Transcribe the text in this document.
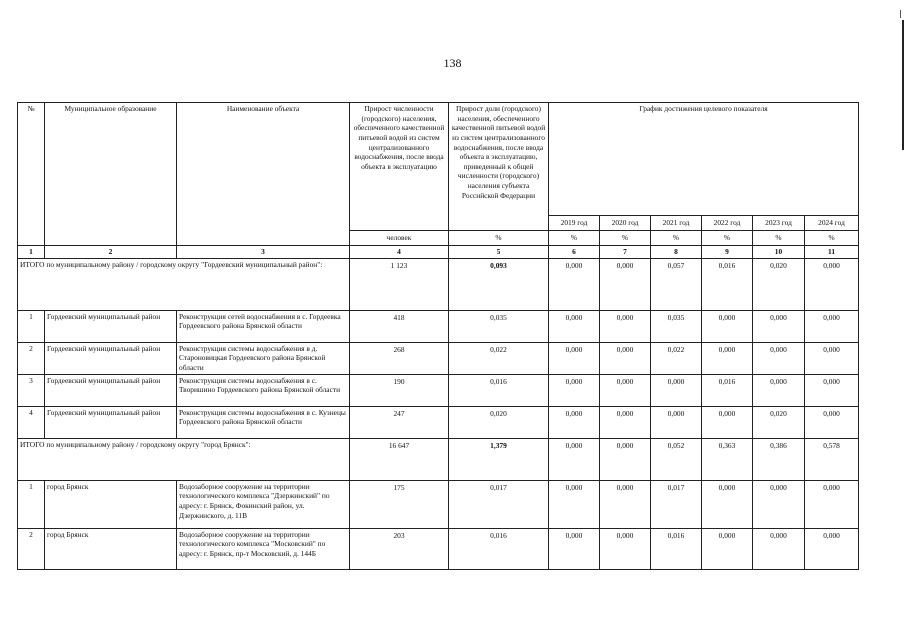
138
№	Муниципальное образование	Наименование объекта	Прирост численности (городского) населения, обеспеченного качественной питьевой водой из систем централизованного водоснабжения, после ввода объекта в эксплуатацию	Прирост доли (городского) населения, обеспеченного качественной питьевой водой из систем централизованного водоснабжения, после ввода объекта в эксплуатацию, приведенный к общей численности (городского) населения субъекта Российской Федерации	График достижения целевого показателя					
					2019 год	2020 год	2021 год	2022 год	2023 год	2024 год
			человек	%	%	%	%	%	%	%
1	2	3	4	5	6	7	8	9	10	11
ИТОГО по муниципальному району / городскому округу "Гордеевский муниципальный район":			1 123	0,093	0,000	0,000	0,057	0,016	0,020	0,000
1	Гордеевский муниципальный район	Реконструкция сетей водоснабжения в с. Гордеевка Гордеевского района Брянской области	418	0,035	0,000	0,000	0,035	0,000	0,000	0,000
2	Гордеевский муниципальный район	Реконструкция системы водоснабжения в д. Староновицкая Гордеевского района Брянской области	268	0,022	0,000	0,000	0,022	0,000	0,000	0,000
3	Гордеевский муниципальный район	Реконструкция системы водоснабжения в с. Творишино Гордеевского района Брянской области	190	0,016	0,000	0,000	0,000	0,016	0,000	0,000
4	Гордеевский муниципальный район	Реконструкция системы водоснабжения в с. Кузнецы Гордеевского района Брянской области	247	0,020	0,000	0,000	0,000	0,000	0,020	0,000
ИТОГО по муниципальному району / городскому округу "город Брянск":			16 647	1,379	0,000	0,000	0,052	0,363	0,386	0,578
1	город Брянск	Водозаборное сооружение на территории технологического комплекса "Дзержинский" по адресу: г. Брянск, Фокинский район, ул. Дзержинского, д. 11В	175	0,017	0,000	0,000	0,017	0,000	0,000	0,000
2	город Брянск	Водозаборное сооружение на территории технологического комплекса "Московский" по адресу: г. Брянск, пр-т Московский, д. 144Б	203	0,016	0,000	0,000	0,016	0,000	0,000	0,000
